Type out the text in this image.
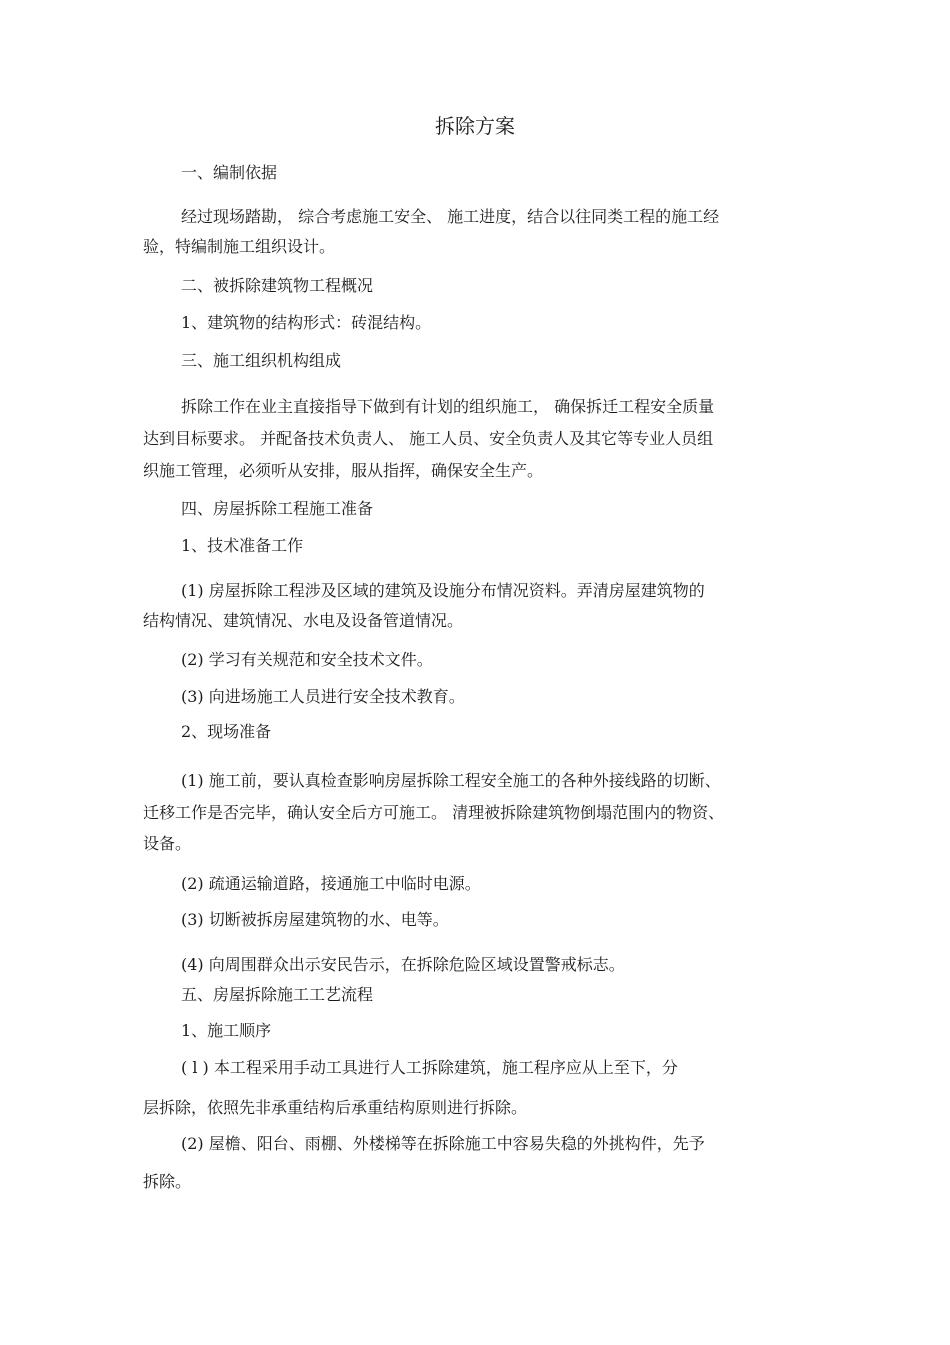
拆除方案

一、编制依据

经过现场踏勘， 综合考虑施工安全、 施工进度，结合以往同类工程的施工经

验，特编制施工组织设计。

二、被拆除建筑物工程概况

1、建筑物的结构形式：砖混结构。

三、施工组织机构组成

拆除工作在业主直接指导下做到有计划的组织施工， 确保拆迁工程安全质量

达到目标要求。 并配备技术负责人、 施工人员、安全负责人及其它等专业人员组

织施工管理，必须听从安排，服从指挥，确保安全生产。

四、房屋拆除工程施工准备

1、技术准备工作

(1) 房屋拆除工程涉及区域的建筑及设施分布情况资料。弄清房屋建筑物的

结构情况、建筑情况、水电及设备管道情况。

(2) 学习有关规范和安全技术文件。

(3) 向进场施工人员进行安全技术教育。

2、现场准备

(1) 施工前，要认真检查影响房屋拆除工程安全施工的各种外接线路的切断、

迁移工作是否完毕，确认安全后方可施工。 清理被拆除建筑物倒塌范围内的物资、

设备。

(2) 疏通运输道路，接通施工中临时电源。

(3) 切断被拆房屋建筑物的水、电等。

(4) 向周围群众出示安民告示，在拆除危险区域设置警戒标志。

五、房屋拆除施工工艺流程

1、施工顺序

( l ) 本工程采用手动工具进行人工拆除建筑，施工程序应从上至下，分

层拆除，依照先非承重结构后承重结构原则进行拆除。

(2) 屋檐、阳台、雨棚、外楼梯等在拆除施工中容易失稳的外挑构件，先予

拆除。
